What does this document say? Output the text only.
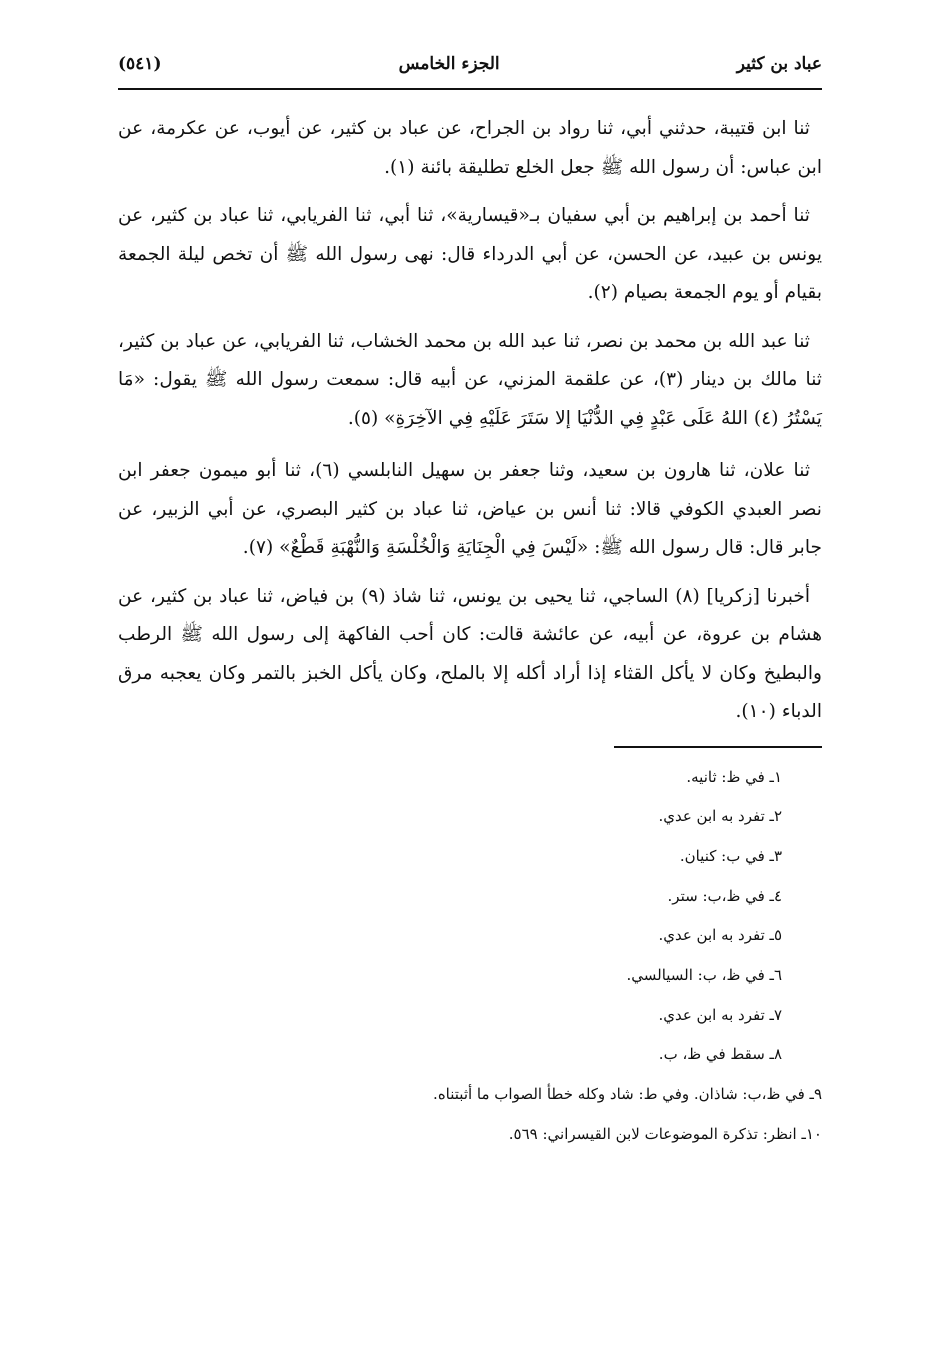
عباد بن كثير
الجزء الخامس
(٥٤١)

ثنا ابن قتيبة، حدثني أبي، ثنا رواد بن الجراح، عن عباد بن كثير، عن أيوب، عن عكرمة، عن ابن عباس: أن رسول الله ﷺ جعل الخلع تطليقة بائنة (١).

ثنا أحمد بن إبراهيم بن أبي سفيان بـ«قيسارية»، ثنا أبي، ثنا الفريابي، ثنا عباد بن كثير، عن يونس بن عبيد، عن الحسن، عن أبي الدرداء قال: نهى رسول الله ﷺ أن تخص ليلة الجمعة بقيام أو يوم الجمعة بصيام (٢).

ثنا عبد الله بن محمد بن نصر، ثنا عبد الله بن محمد الخشاب، ثنا الفريابي، عن عباد بن كثير، ثنا مالك بن دينار (٣)، عن علقمة المزني، عن أبيه قال: سمعت رسول الله ﷺ يقول: «مَا يَسْتُرُ (٤) اللهُ عَلَى عَبْدٍ فِي الدُّنْيَا إلا سَتَرَ عَلَيْهِ فِي الآخِرَةِ» (٥).

ثنا علان، ثنا هارون بن سعيد، وثنا جعفر بن سهيل النابلسي (٦)، ثنا أبو ميمون جعفر ابن نصر العبدي الكوفي قالا: ثنا أنس بن عياض، ثنا عباد بن كثير البصري، عن أبي الزبير، عن جابر قال: قال رسول الله ﷺ: «لَيْسَ فِي الْجِنَايَةِ وَالْخُلْسَةِ وَالنُّهْبَةِ قَطْعٌ» (٧).

أخبرنا [زكريا] (٨) الساجي، ثنا يحيى بن يونس، ثنا شاذ (٩) بن فياض، ثنا عباد بن كثير، عن هشام بن عروة، عن أبيه، عن عائشة قالت: كان أحب الفاكهة إلى رسول الله ﷺ الرطب والبطيخ وكان لا يأكل القثاء إذا أراد أكله إلا بالملح، وكان يأكل الخبز بالتمر وكان يعجبه مرق الدباء (١٠).

١ـ في ظ: ثانيه.
٢ـ تفرد به ابن عدي.
٣ـ في ب: كنيان.
٤ـ في ظ،ب: ستر.
٥ـ تفرد به ابن عدي.
٦ـ في ظ، ب: السيالسي.
٧ـ تفرد به ابن عدي.
٨ـ سقط في ظ، ب.
٩ـ في ظ،ب: شاذان. وفي ط: شاد وكله خطأ الصواب ما أثبتناه.
١٠ـ انظر: تذكرة الموضوعات لابن القيسراني: ٥٦٩.
